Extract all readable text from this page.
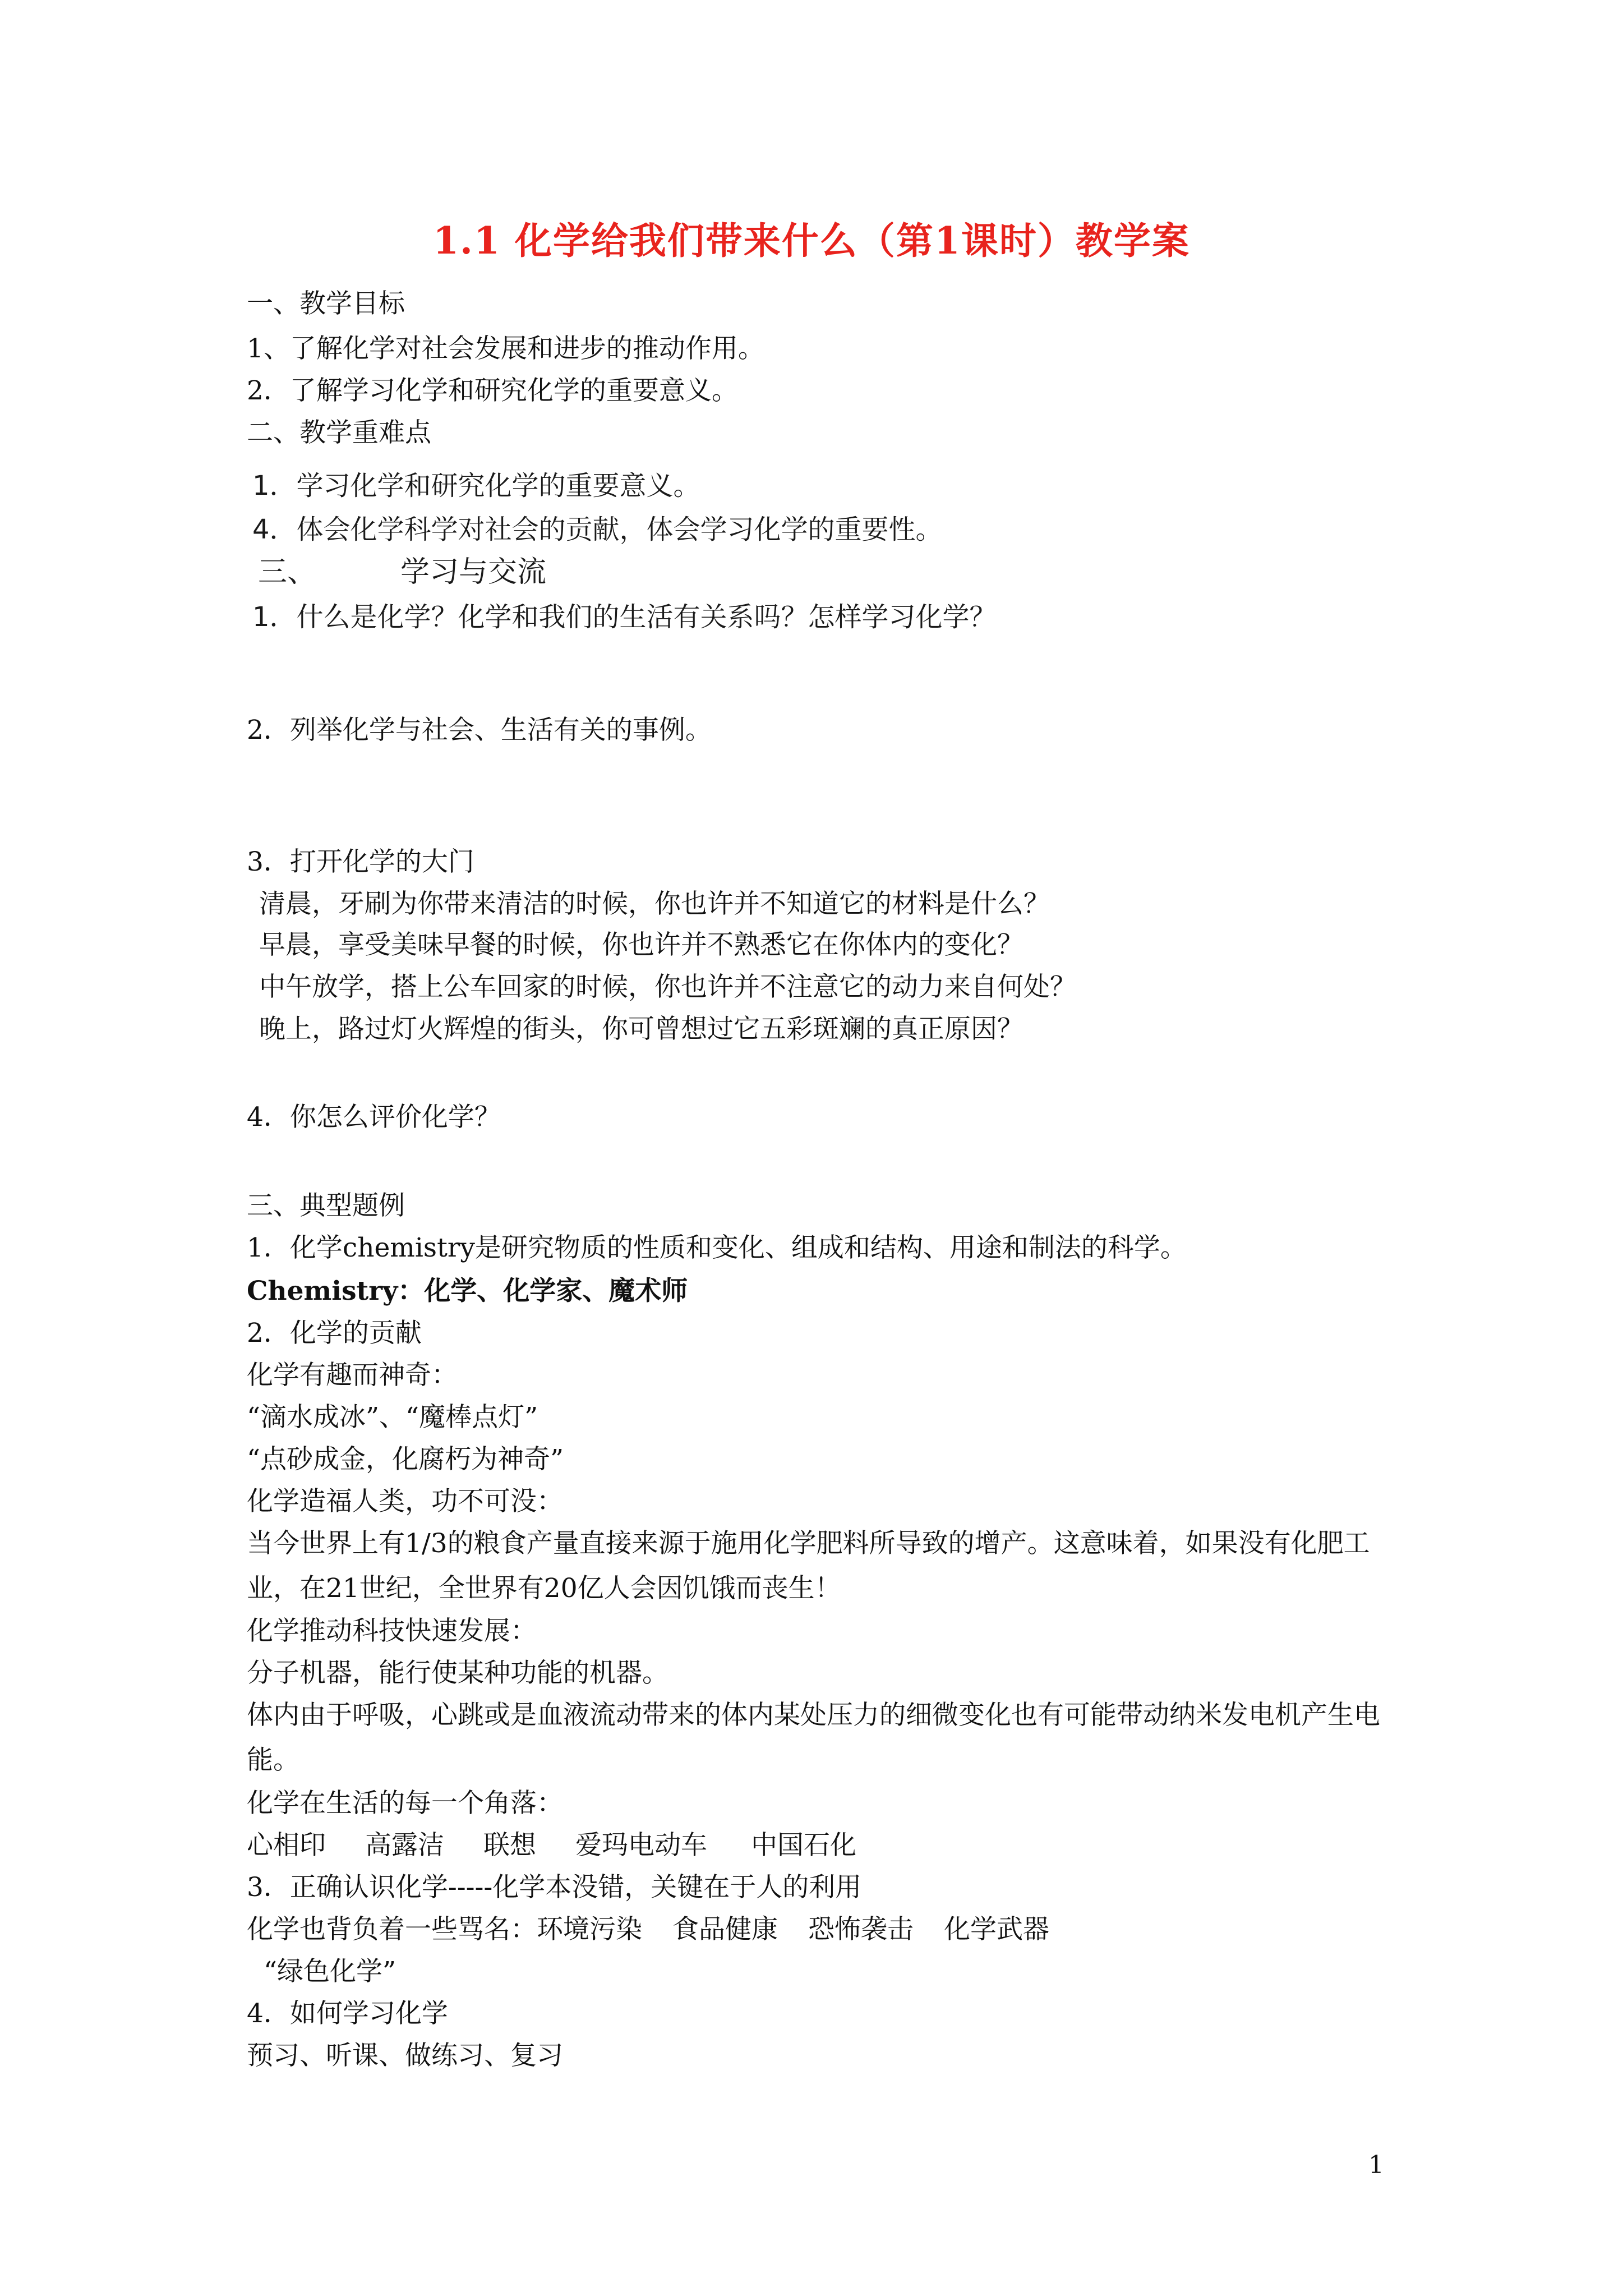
1.1 化学给我们带来什么（第1课时）教学案
一、教学目标
1、了解化学对社会发展和进步的推动作用。
2．了解学习化学和研究化学的重要意义。
二、教学重难点
1．学习化学和研究化学的重要意义。
4．体会化学科学对社会的贡献，体会学习化学的重要性。
三、	学习与交流
1．什么是化学？化学和我们的生活有关系吗？怎样学习化学？
2．列举化学与社会、生活有关的事例。
3．打开化学的大门
清晨，牙刷为你带来清洁的时候，你也许并不知道它的材料是什么？
早晨，享受美味早餐的时候，你也许并不熟悉它在你体内的变化？
中午放学，搭上公车回家的时候，你也许并不注意它的动力来自何处？
晚上，路过灯火辉煌的街头，你可曾想过它五彩斑斓的真正原因？
4．你怎么评价化学？
三、典型题例
1．化学chemistry是研究物质的性质和变化、组成和结构、用途和制法的科学。
Chemistry：化学、化学家、魔术师
2．化学的贡献
化学有趣而神奇：
“滴水成冰”、“魔棒点灯”
“点砂成金，化腐朽为神奇”
化学造福人类，功不可没：
当今世界上有1/3的粮食产量直接来源于施用化学肥料所导致的增产。这意味着，如果没有化肥工业，在21世纪，全世界有20亿人会因饥饿而丧生！
化学推动科技快速发展：
分子机器，能行使某种功能的机器。
体内由于呼吸，心跳或是血液流动带来的体内某处压力的细微变化也有可能带动纳米发电机产生电能。
化学在生活的每一个角落：
心相印 高露洁 联想 爱玛电动车 中国石化
3．正确认识化学-----化学本没错，关键在于人的利用
化学也背负着一些骂名：环境污染 食品健康 恐怖袭击 化学武器
“绿色化学”
4．如何学习化学
预习、听课、做练习、复习
1
